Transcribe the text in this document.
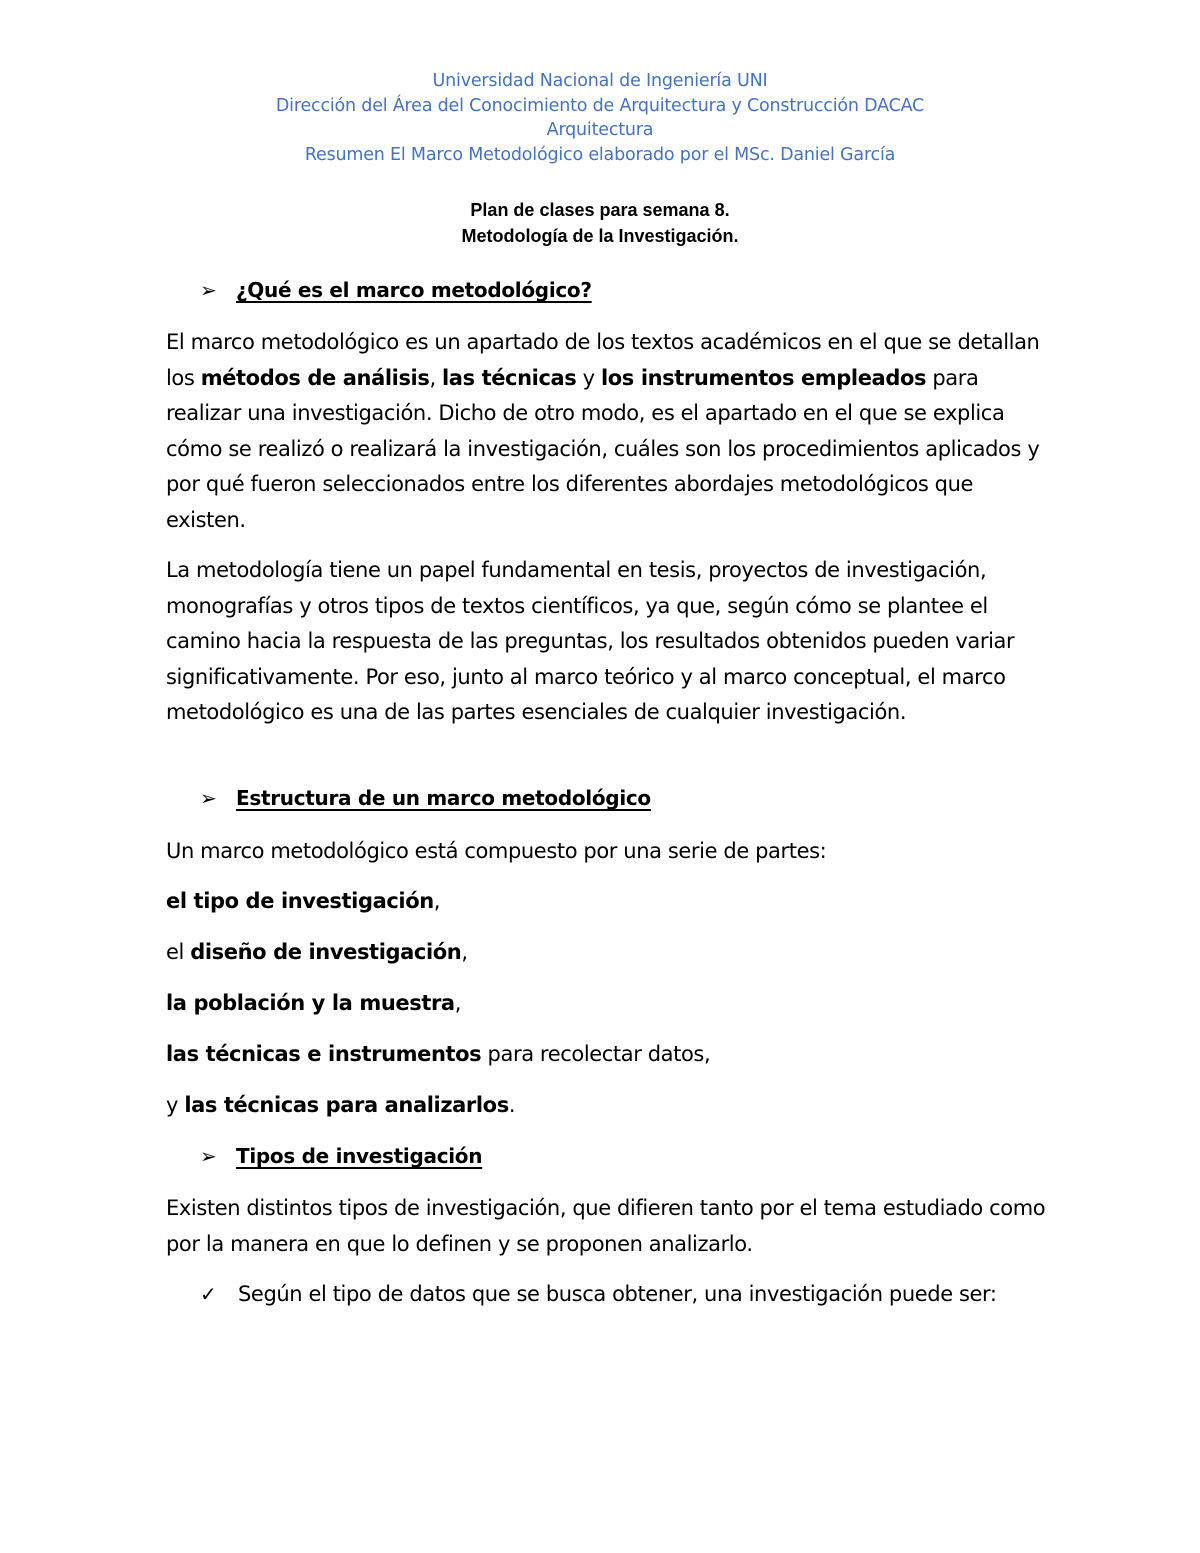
Universidad Nacional de Ingeniería UNI
Dirección del Área del Conocimiento de Arquitectura y Construcción DACAC
Arquitectura
Resumen El Marco Metodológico elaborado por el MSc. Daniel García
Plan de clases para semana 8.
Metodología de la Investigación.
➢ ¿Qué es el marco metodológico?

El marco metodológico es un apartado de los textos académicos en el que se detallan los métodos de análisis, las técnicas y los instrumentos empleados para realizar una investigación. Dicho de otro modo, es el apartado en el que se explica cómo se realizó o realizará la investigación, cuáles son los procedimientos aplicados y por qué fueron seleccionados entre los diferentes abordajes metodológicos que existen.

La metodología tiene un papel fundamental en tesis, proyectos de investigación, monografías y otros tipos de textos científicos, ya que, según cómo se plantee el camino hacia la respuesta de las preguntas, los resultados obtenidos pueden variar significativamente. Por eso, junto al marco teórico y al marco conceptual, el marco metodológico es una de las partes esenciales de cualquier investigación.

➢ Estructura de un marco metodológico
Un marco metodológico está compuesto por una serie de partes:
el tipo de investigación,
el diseño de investigación,
la población y la muestra,
las técnicas e instrumentos para recolectar datos,
y las técnicas para analizarlos.
➢ Tipos de investigación

Existen distintos tipos de investigación, que difieren tanto por el tema estudiado como por la manera en que lo definen y se proponen analizarlo.

✓	Según el tipo de datos que se busca obtener, una investigación puede ser:
